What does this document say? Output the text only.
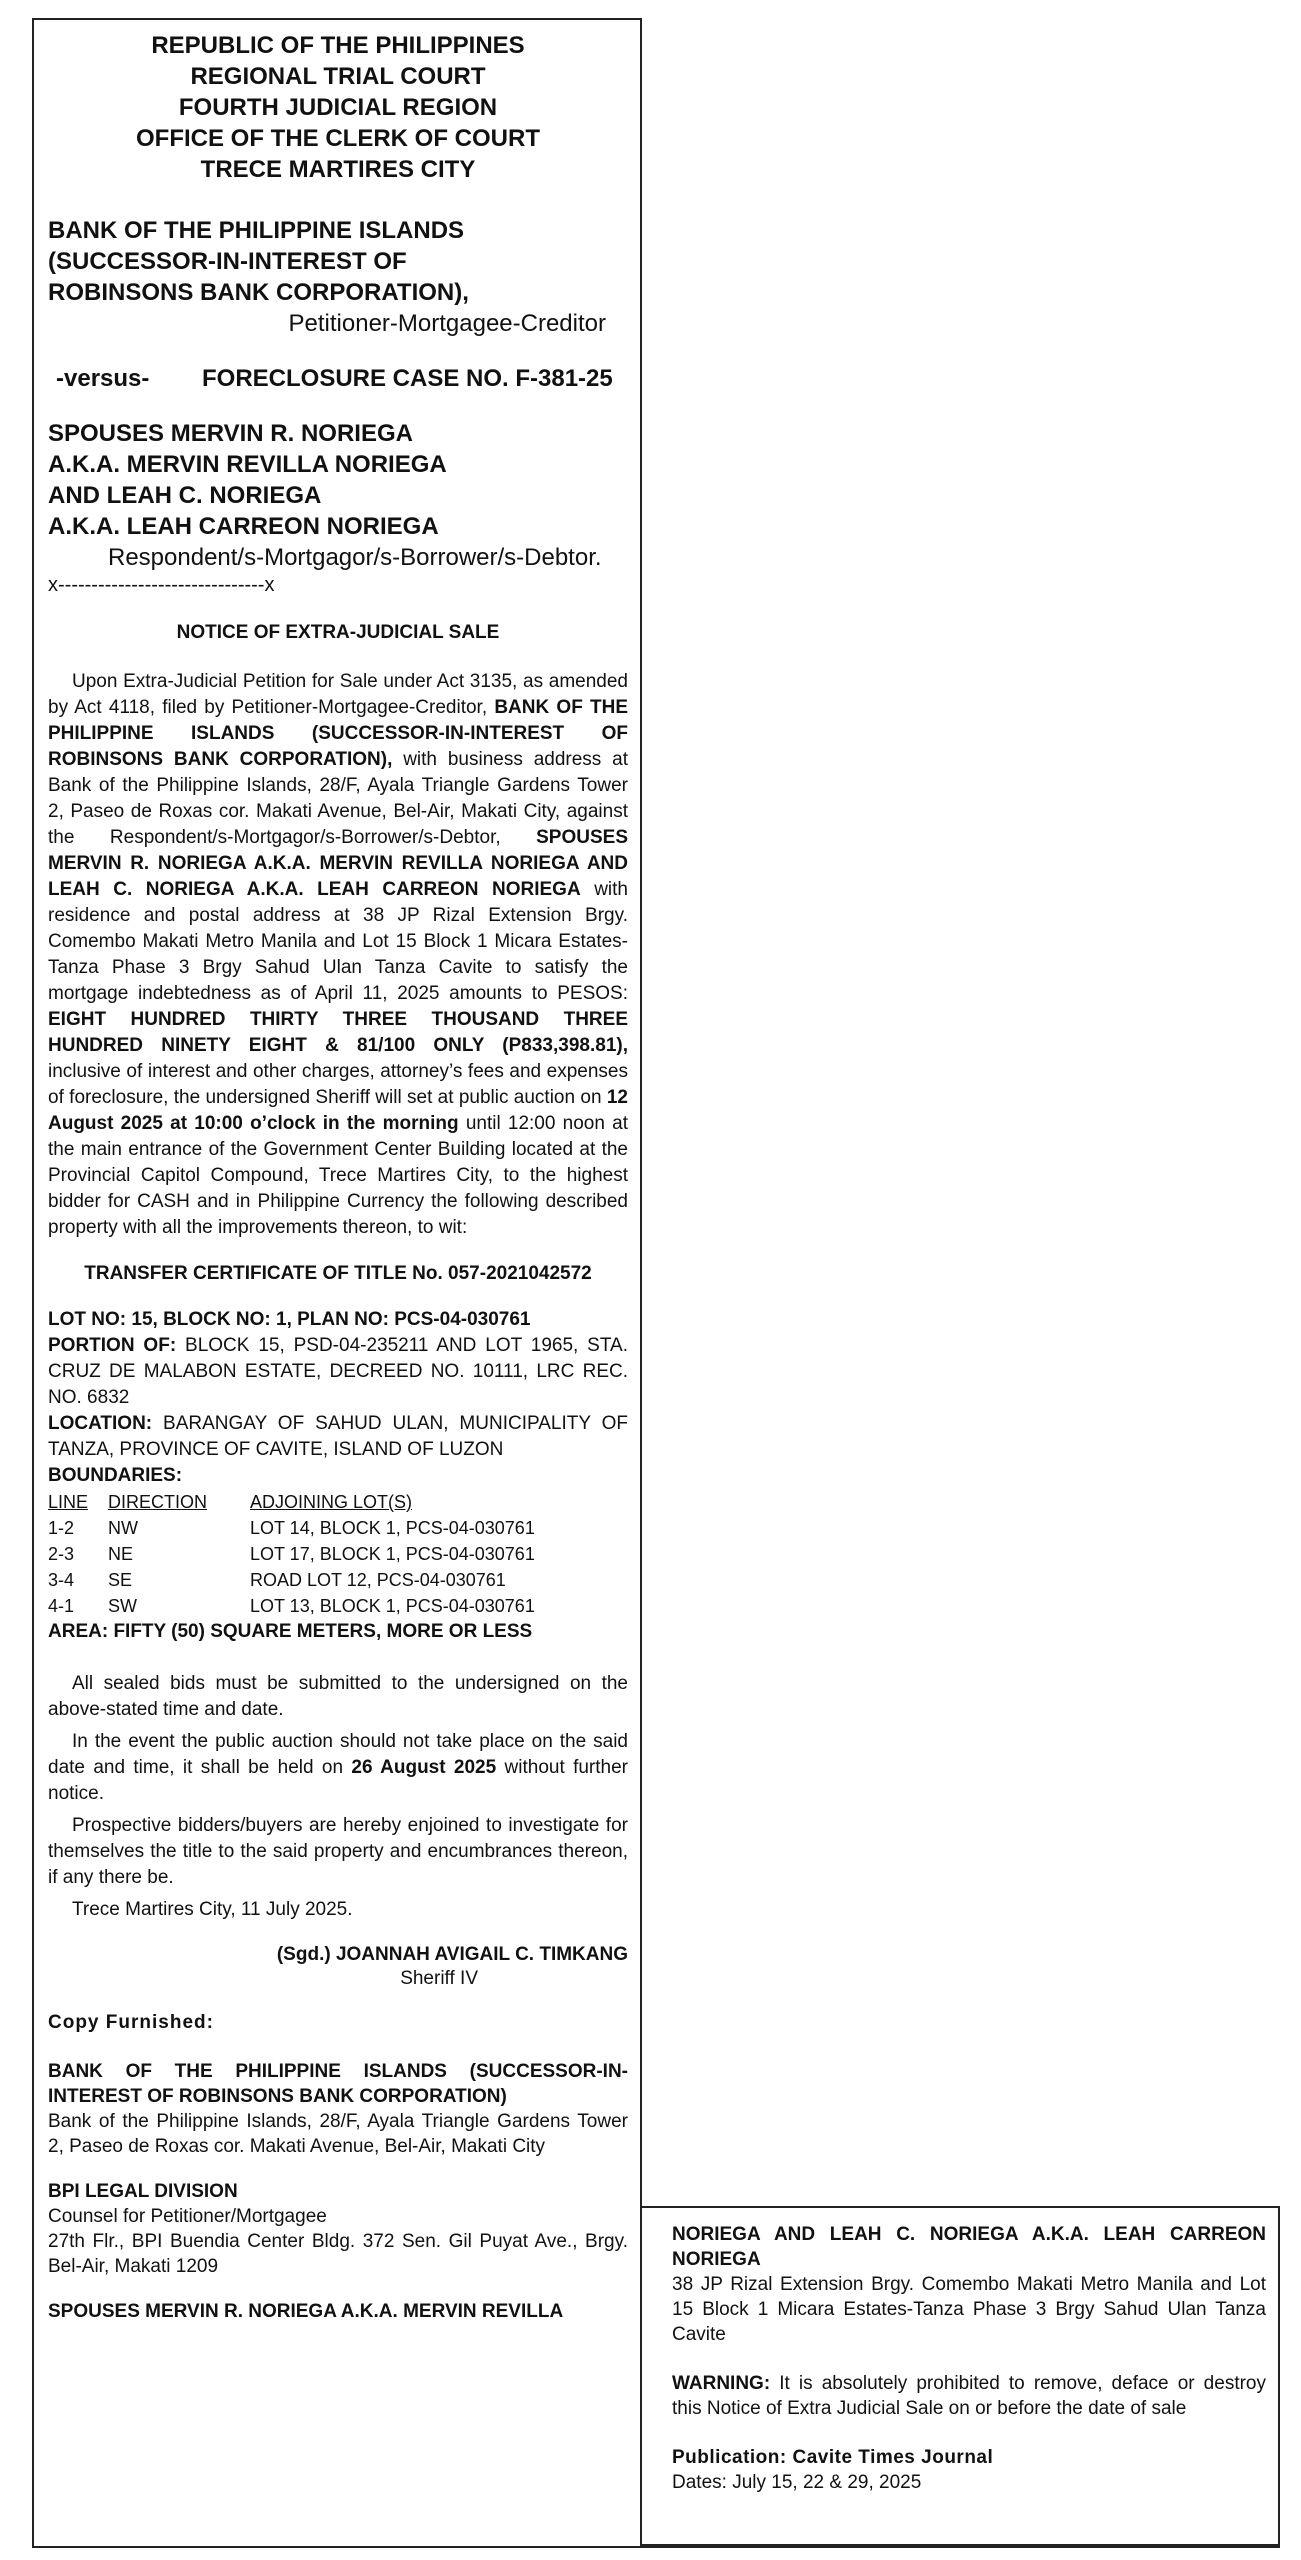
REPUBLIC OF THE PHILIPPINES
REGIONAL TRIAL COURT
FOURTH JUDICIAL REGION
OFFICE OF THE CLERK OF COURT
TRECE MARTIRES CITY
BANK OF THE PHILIPPINE ISLANDS
(SUCCESSOR-IN-INTEREST OF
ROBINSONS BANK CORPORATION),
Petitioner-Mortgagee-Creditor
-versus-	FORECLOSURE CASE NO. F-381-25
SPOUSES MERVIN R. NORIEGA
A.K.A. MERVIN REVILLA NORIEGA
AND LEAH C. NORIEGA
A.K.A. LEAH CARREON NORIEGA
Respondent/s-Mortgagor/s-Borrower/s-Debtor.
x-------------------------------x
NOTICE OF EXTRA-JUDICIAL SALE
Upon Extra-Judicial Petition for Sale under Act 3135, as amended by Act 4118, filed by Petitioner-Mortgagee-Creditor, BANK OF THE PHILIPPINE ISLANDS (SUCCESSOR-IN-INTEREST OF ROBINSONS BANK CORPORATION), with business address at Bank of the Philippine Islands, 28/F, Ayala Triangle Gardens Tower 2, Paseo de Roxas cor. Makati Avenue, Bel-Air, Makati City, against the Respondent/s-Mortgagor/s-Borrower/s-Debtor, SPOUSES MERVIN R. NORIEGA A.K.A. MERVIN REVILLA NORIEGA AND LEAH C. NORIEGA A.K.A. LEAH CARREON NORIEGA with residence and postal address at 38 JP Rizal Extension Brgy. Comembo Makati Metro Manila and Lot 15 Block 1 Micara Estates-Tanza Phase 3 Brgy Sahud Ulan Tanza Cavite to satisfy the mortgage indebtedness as of April 11, 2025 amounts to PESOS: EIGHT HUNDRED THIRTY THREE THOUSAND THREE HUNDRED NINETY EIGHT & 81/100 ONLY (P833,398.81), inclusive of interest and other charges, attorney’s fees and expenses of foreclosure, the undersigned Sheriff will set at public auction on 12 August 2025 at 10:00 o’clock in the morning until 12:00 noon at the main entrance of the Government Center Building located at the Provincial Capitol Compound, Trece Martires City, to the highest bidder for CASH and in Philippine Currency the following described property with all the improvements thereon, to wit:
TRANSFER CERTIFICATE OF TITLE No. 057-2021042572
LOT NO: 15, BLOCK NO: 1, PLAN NO: PCS-04-030761
PORTION OF: BLOCK 15, PSD-04-235211 AND LOT 1965, STA. CRUZ DE MALABON ESTATE, DECREED NO. 10111, LRC REC. NO. 6832
LOCATION: BARANGAY OF SAHUD ULAN, MUNICIPALITY OF TANZA, PROVINCE OF CAVITE, ISLAND OF LUZON
BOUNDARIES:
LINE	DIRECTION	ADJOINING LOT(S)
1-2	NW	LOT 14, BLOCK 1, PCS-04-030761
2-3	NE	LOT 17, BLOCK 1, PCS-04-030761
3-4	SE	ROAD LOT 12, PCS-04-030761
4-1	SW	LOT 13, BLOCK 1, PCS-04-030761
AREA: FIFTY (50) SQUARE METERS, MORE OR LESS
All sealed bids must be submitted to the undersigned on the above-stated time and date.
In the event the public auction should not take place on the said date and time, it shall be held on 26 August 2025 without further notice.
Prospective bidders/buyers are hereby enjoined to investigate for themselves the title to the said property and encumbrances thereon, if any there be.
Trece Martires City, 11 July 2025.
(Sgd.) JOANNAH AVIGAIL C. TIMKANG
Sheriff IV
Copy Furnished:
BANK OF THE PHILIPPINE ISLANDS (SUCCESSOR-IN-INTEREST OF ROBINSONS BANK CORPORATION)
Bank of the Philippine Islands, 28/F, Ayala Triangle Gardens Tower 2, Paseo de Roxas cor. Makati Avenue, Bel-Air, Makati City
BPI LEGAL DIVISION
Counsel for Petitioner/Mortgagee
27th Flr., BPI Buendia Center Bldg. 372 Sen. Gil Puyat Ave., Brgy. Bel-Air, Makati 1209
SPOUSES MERVIN R. NORIEGA A.K.A. MERVIN REVILLA
NORIEGA AND LEAH C. NORIEGA A.K.A. LEAH CARREON NORIEGA
38 JP Rizal Extension Brgy. Comembo Makati Metro Manila and Lot 15 Block 1 Micara Estates-Tanza Phase 3 Brgy Sahud Ulan Tanza Cavite
WARNING: It is absolutely prohibited to remove, deface or destroy this Notice of Extra Judicial Sale on or before the date of sale
Publication: Cavite Times Journal
Dates: July 15, 22 & 29, 2025
